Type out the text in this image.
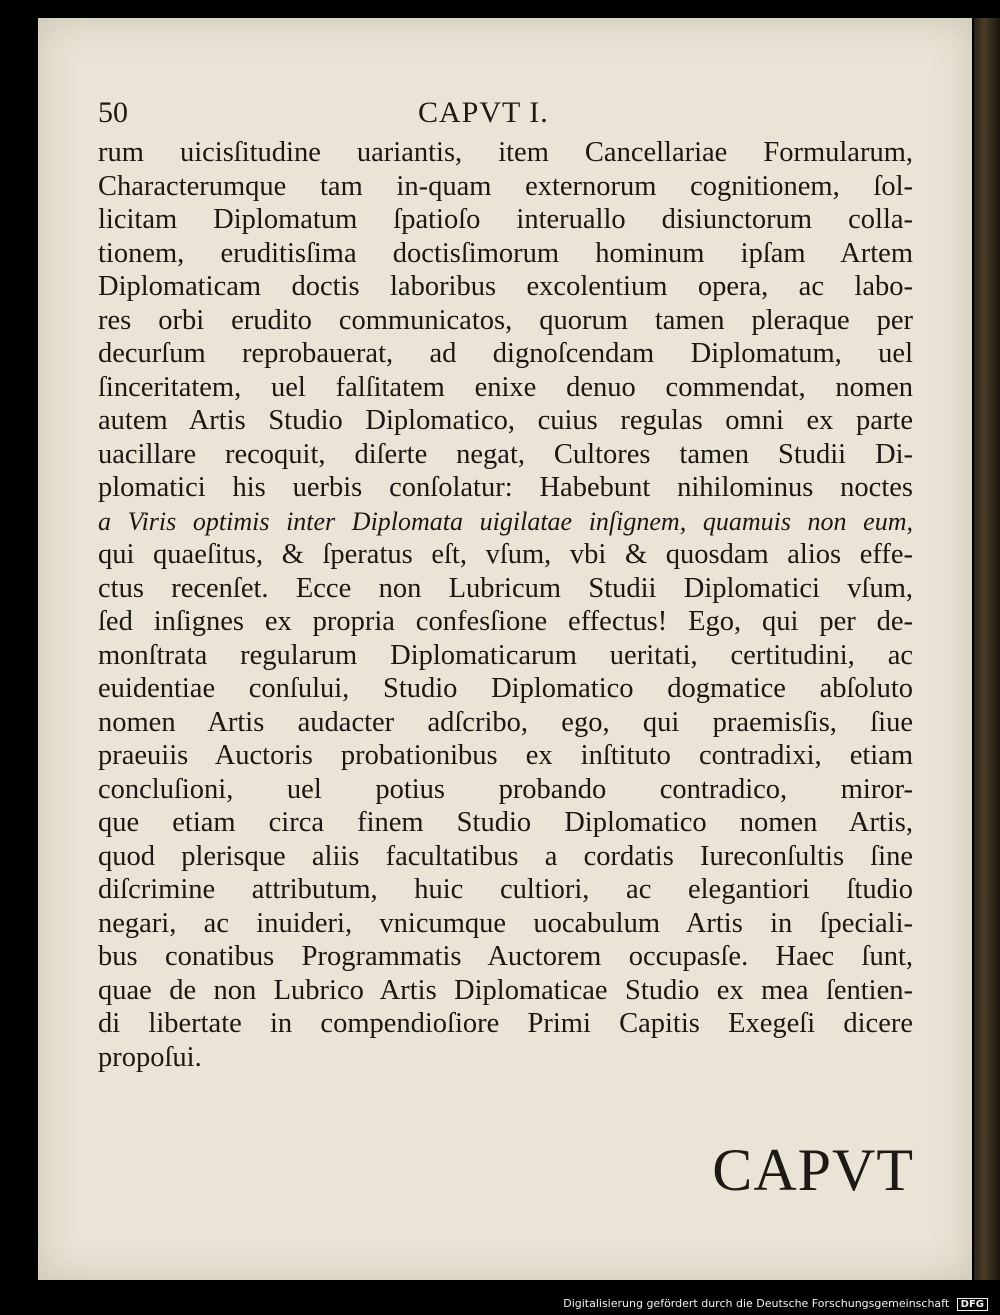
50	CAPVT I.
rum uicisſitudine uariantis, item Cancellariae Formularum,
Characterumque tam in-quam externorum cognitionem, ſol-
licitam Diplomatum ſpatioſo interuallo disiunctorum colla-
tionem, eruditisſima doctisſimorum hominum ipſam Artem
Diplomaticam doctis laboribus excolentium opera, ac labo-
res orbi erudito communicatos, quorum tamen pleraque per
decurſum reprobauerat, ad dignoſcendam Diplomatum, uel
ſinceritatem, uel falſitatem enixe denuo commendat, nomen
autem Artis Studio Diplomatico, cuius regulas omni ex parte
uacillare recoquit, diſerte negat, Cultores tamen Studii Di-
plomatici his uerbis conſolatur: Habebunt nihilominus noctes
a Viris optimis inter Diplomata uigilatae inſignem, quamuis non eum,
qui quaeſitus, & ſperatus eſt, vſum, vbi & quosdam alios effe-
ctus recenſet. Ecce non Lubricum Studii Diplomatici vſum,
ſed inſignes ex propria confesſione effectus! Ego, qui per de-
monſtrata regularum Diplomaticarum ueritati, certitudini, ac
euidentiae conſului, Studio Diplomatico dogmatice abſoluto
nomen Artis audacter adſcribo, ego, qui praemisſis, ſiue
praeuiis Auctoris probationibus ex inſtituto contradixi, etiam
concluſioni, uel potius probando contradico, miror-
que etiam circa finem Studio Diplomatico nomen Artis,
quod plerisque aliis facultatibus a cordatis Iureconſultis ſine
diſcrimine attributum, huic cultiori, ac elegantiori ſtudio
negari, ac inuideri, vnicumque uocabulum Artis in ſpeciali-
bus conatibus Programmatis Auctorem occupasſe. Haec ſunt,
quae de non Lubrico Artis Diplomaticae Studio ex mea ſentien-
di libertate in compendioſiore Primi Capitis Exegeſi dicere
propoſui.
CAPVT
Digitalisierung gefördert durch die Deutsche Forschungsgemeinschaft DFG
